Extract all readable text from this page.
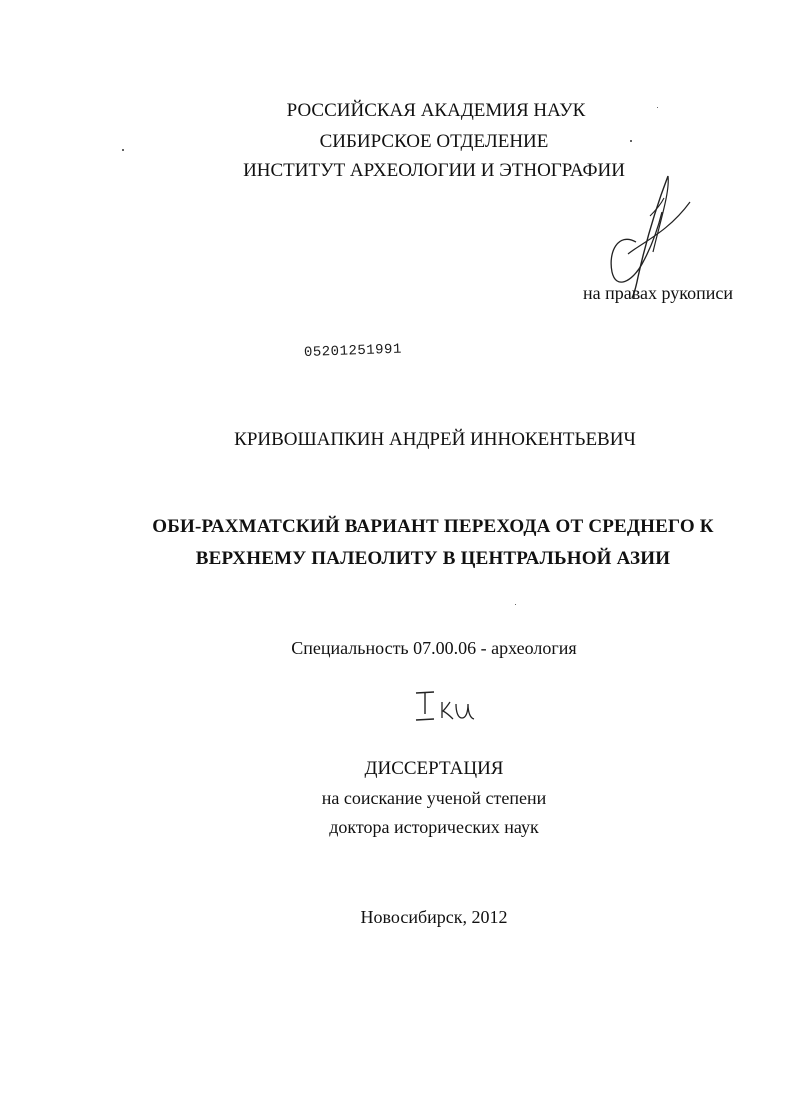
РОССИЙСКАЯ АКАДЕМИЯ НАУК
СИБИРСКОЕ ОТДЕЛЕНИЕ
ИНСТИТУТ АРХЕОЛОГИИ И ЭТНОГРАФИИ
на правах рукописи
05201251991
КРИВОШАПКИН АНДРЕЙ ИННОКЕНТЬЕВИЧ
ОБИ-РАХМАТСКИЙ ВАРИАНТ ПЕРЕХОДА ОТ СРЕДНЕГО К
ВЕРХНЕМУ ПАЛЕОЛИТУ В ЦЕНТРАЛЬНОЙ АЗИИ
Специальность 07.00.06 - археология
ДИССЕРТАЦИЯ
на соискание ученой степени
доктора исторических наук
Новосибирск, 2012
